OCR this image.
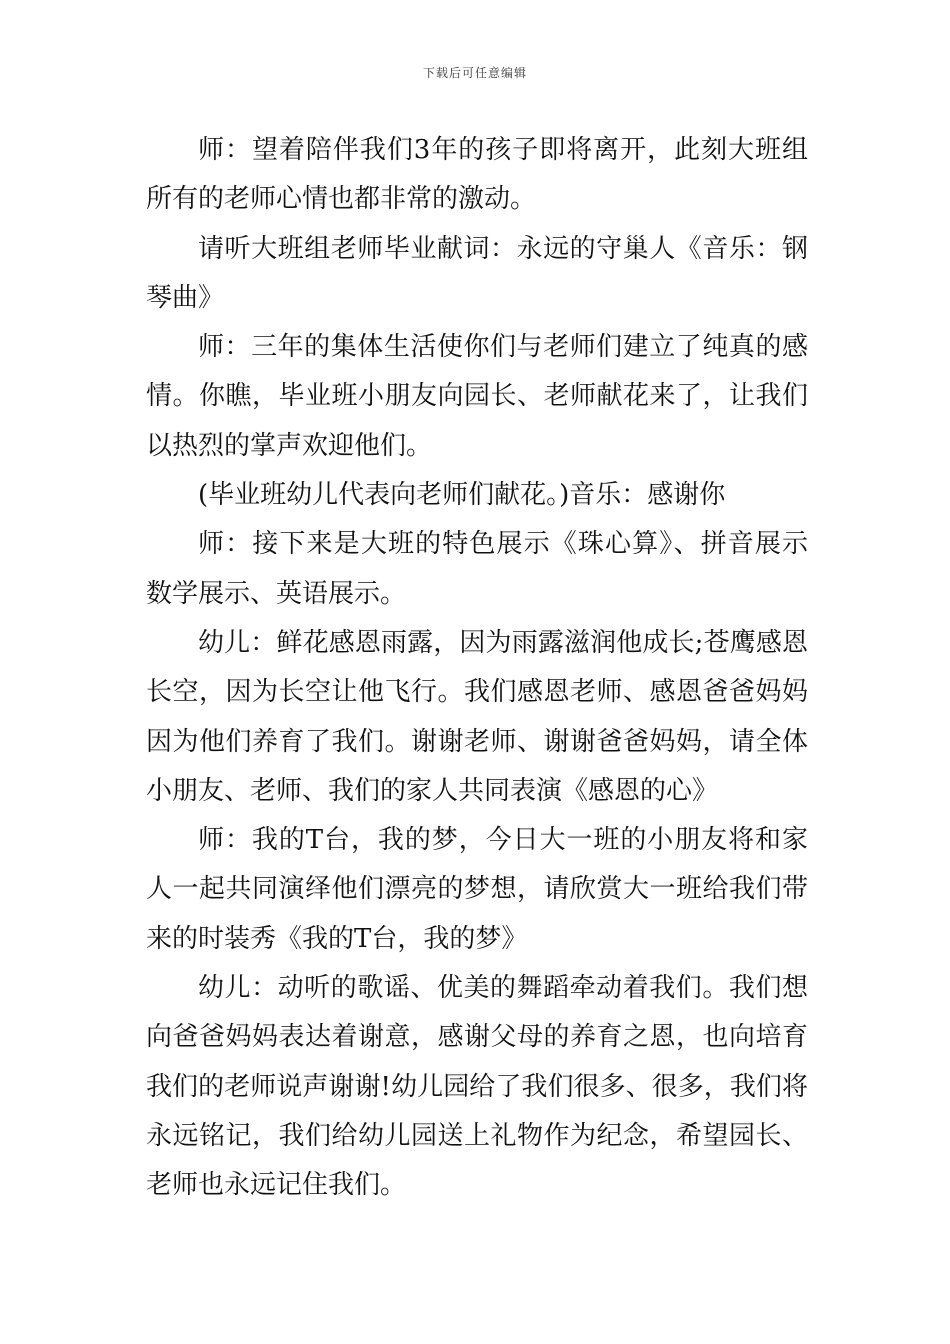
下载后可任意编辑

师：望着陪伴我们3年的孩子即将离开，此刻大班组所有的老师心情也都非常的激动。

请听大班组老师毕业献词：永远的守巢人《音乐：钢琴曲》

师：三年的集体生活使你们与老师们建立了纯真的感情。你瞧，毕业班小朋友向园长、老师献花来了，让我们以热烈的掌声欢迎他们。

(毕业班幼儿代表向老师们献花。)音乐：感谢你

师：接下来是大班的特色展示《珠心算》、拼音展示数学展示、英语展示。

幼儿：鲜花感恩雨露，因为雨露滋润他成长;苍鹰感恩长空，因为长空让他飞行。我们感恩老师、感恩爸爸妈妈因为他们养育了我们。谢谢老师、谢谢爸爸妈妈，请全体小朋友、老师、我们的家人共同表演《感恩的心》

师：我的T台，我的梦，今日大一班的小朋友将和家人一起共同演绎他们漂亮的梦想，请欣赏大一班给我们带来的时装秀《我的T台，我的梦》

幼儿：动听的歌谣、优美的舞蹈牵动着我们。我们想向爸爸妈妈表达着谢意，感谢父母的养育之恩，也向培育我们的老师说声谢谢!幼儿园给了我们很多、很多，我们将永远铭记，我们给幼儿园送上礼物作为纪念，希望园长、老师也永远记住我们。
